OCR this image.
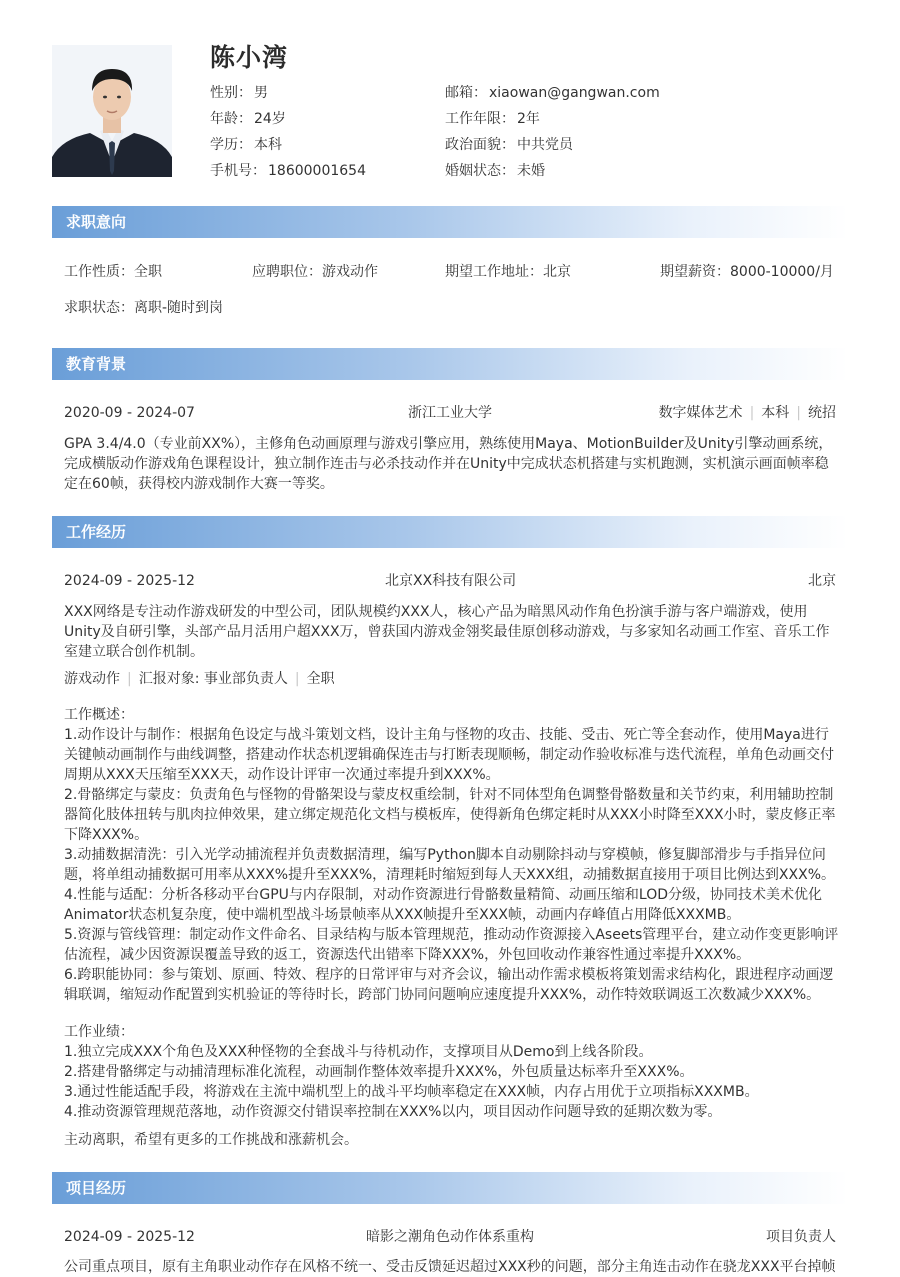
陈小湾
性别： 男
年龄： 24岁
学历： 本科
手机号： 18600001654
邮箱： xiaowan@gangwan.com
工作年限： 2年
政治面貌： 中共党员
婚姻状态： 未婚
求职意向
工作性质：全职	应聘职位：游戏动作	期望工作地址：北京	期望薪资：8000-10000/月
求职状态：离职-随时到岗
教育背景
2020-09 - 2024-07	浙江工业大学	数字媒体艺术 | 本科 | 统招
GPA 3.4/4.0（专业前XX%），主修角色动画原理与游戏引擎应用，熟练使用Maya、MotionBuilder及Unity引擎动画系统，完成横版动作游戏角色课程设计，独立制作连击与必杀技动作并在Unity中完成状态机搭建与实机跑测，实机演示画面帧率稳定在60帧，获得校内游戏制作大赛一等奖。
工作经历
2024-09 - 2025-12	北京XX科技有限公司	北京
XXX网络是专注动作游戏研发的中型公司，团队规模约XXX人，核心产品为暗黑风动作角色扮演手游与客户端游戏，使用Unity及自研引擎，头部产品月活用户超XXX万，曾获国内游戏金翎奖最佳原创移动游戏，与多家知名动画工作室、音乐工作室建立联合创作机制。
游戏动作 | 汇报对象: 事业部负责人 | 全职

工作概述：

1.动作设计与制作：根据角色设定与战斗策划文档，设计主角与怪物的攻击、技能、受击、死亡等全套动作，使用Maya进行关键帧动画制作与曲线调整，搭建动作状态机逻辑确保连击与打断表现顺畅，制定动作验收标准与迭代流程，单角色动画交付周期从XXX天压缩至XXX天，动作设计评审一次通过率提升到XXX%。

2.骨骼绑定与蒙皮：负责角色与怪物的骨骼架设与蒙皮权重绘制，针对不同体型角色调整骨骼数量和关节约束，利用辅助控制器简化肢体扭转与肌肉拉伸效果，建立绑定规范化文档与模板库，使得新角色绑定耗时从XXX小时降至XXX小时，蒙皮修正率下降XXX%。

3.动捕数据清洗：引入光学动捕流程并负责数据清理，编写Python脚本自动剔除抖动与穿模帧，修复脚部滑步与手指异位问题，将单组动捕数据可用率从XXX%提升至XXX%，清理耗时缩短到每人天XXX组，动捕数据直接用于项目比例达到XXX%。

4.性能与适配：分析各移动平台GPU与内存限制，对动作资源进行骨骼数量精简、动画压缩和LOD分级，协同技术美术优化Animator状态机复杂度，使中端机型战斗场景帧率从XXX帧提升至XXX帧，动画内存峰值占用降低XXXMB。

5.资源与管线管理：制定动作文件命名、目录结构与版本管理规范，推动动作资源接入Aseets管理平台，建立动作变更影响评估流程，减少因资源误覆盖导致的返工，资源迭代出错率下降XXX%，外包回收动作兼容性通过率提升XXX%。

6.跨职能协同：参与策划、原画、特效、程序的日常评审与对齐会议，输出动作需求模板将策划需求结构化，跟进程序动画逻辑联调，缩短动作配置到实机验证的等待时长，跨部门协同问题响应速度提升XXX%，动作特效联调返工次数减少XXX%。

工作业绩：

1.独立完成XXX个角色及XXX种怪物的全套战斗与待机动作，支撑项目从Demo到上线各阶段。

2.搭建骨骼绑定与动捕清理标准化流程，动画制作整体效率提升XXX%，外包质量达标率升至XXX%。

3.通过性能适配手段，将游戏在主流中端机型上的战斗平均帧率稳定在XXX帧，内存占用优于立项指标XXXMB。

4.推动资源管理规范落地，动作资源交付错误率控制在XXX%以内，项目因动作问题导致的延期次数为零。

主动离职，希望有更多的工作挑战和涨薪机会。
项目经历
2024-09 - 2025-12	暗影之潮角色动作体系重构	项目负责人
公司重点项目，原有主角职业动作存在风格不统一、受击反馈延迟超过XXX秒的问题，部分主角连击动作在骁龙XXX平台掉帧
